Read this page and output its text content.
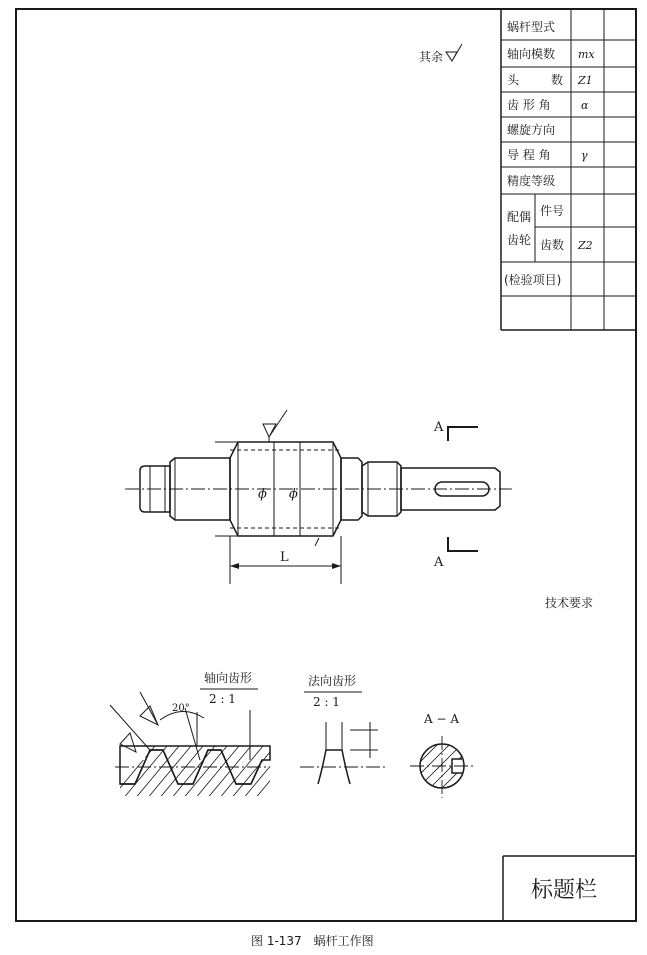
蜗杆型式
轴向模数
头 数
齿 形 角
螺旋方向
导 程 角
精度等级
mx
Z1
α
γ
配偶
齿轮
件号
齿数 Z2
(检验项目)
其余
ϕ ϕ
L
A
A
技术要求
轴向齿形
2 : 1
20°
法向齿形
2 : 1
A − A
标题栏
图 1-137　蜗杆工作图
